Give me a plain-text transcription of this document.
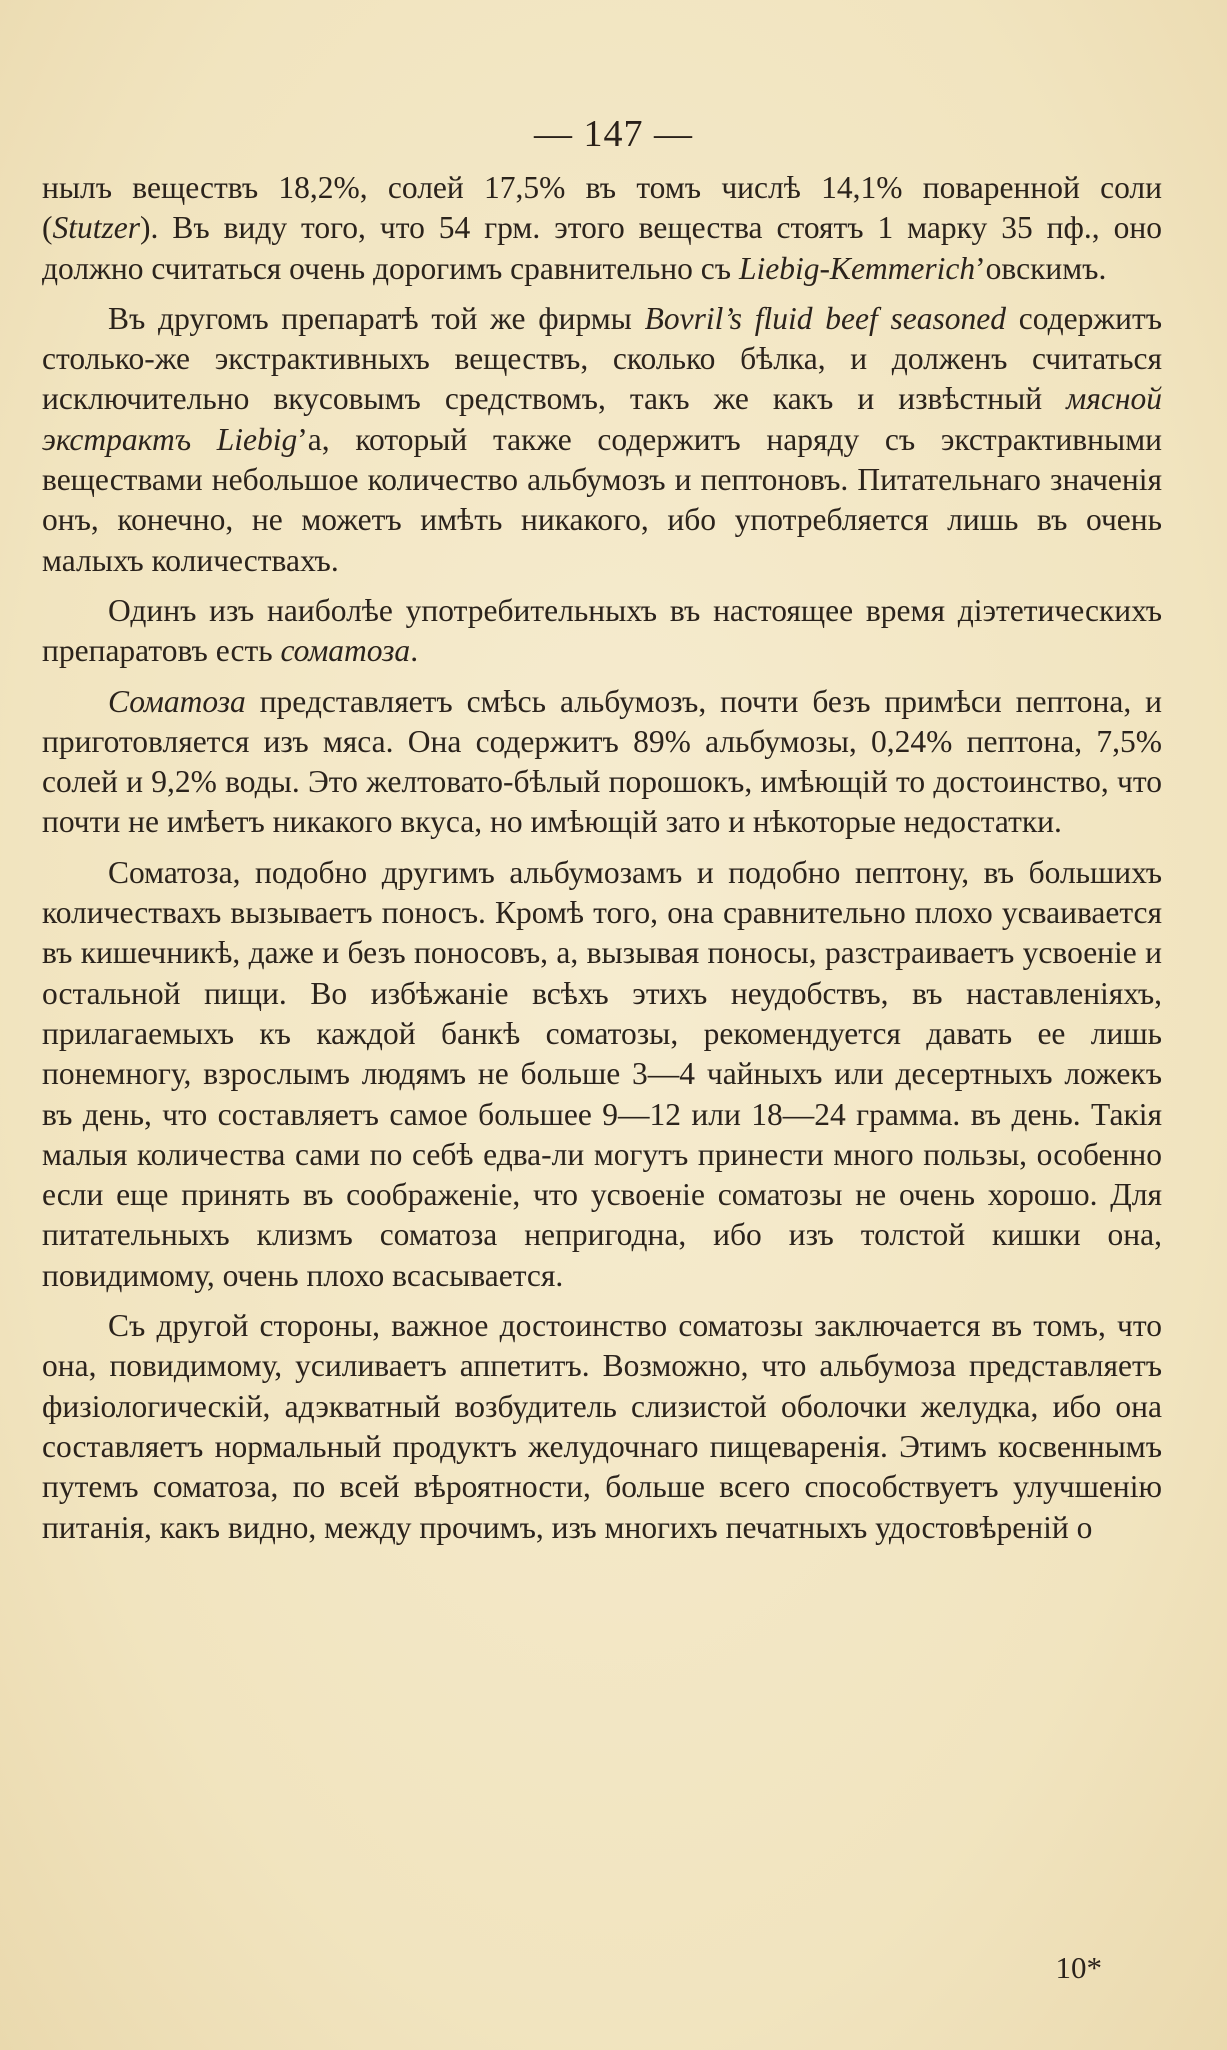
— 147 —

нылъ веществъ 18,2%, солей 17,5% въ томъ числѣ 14,1% поваренной соли (Stutzer). Въ виду того, что 54 грм. этого вещества стоятъ 1 марку 35 пф., оно должно считаться очень дорогимъ сравнительно съ Liebig-Kemmerich’овскимъ.

Въ другомъ препаратѣ той же фирмы Bovril’s fluid beef seasoned содержитъ столько-же экстрактивныхъ веществъ, сколько бѣлка, и долженъ считаться исключительно вкусовымъ средствомъ, такъ же какъ и извѣстный мясной экстрактъ Liebig’а, который также содержитъ наряду съ экстрактивными веществами небольшое количество альбумозъ и пептоновъ. Питательнаго значенія онъ, конечно, не можетъ имѣть никакого, ибо употребляется лишь въ очень малыхъ количествахъ.

Одинъ изъ наиболѣе употребительныхъ въ настоящее время діэтетическихъ препаратовъ есть соматоза.

Соматоза представляетъ смѣсь альбумозъ, почти безъ примѣси пептона, и приготовляется изъ мяса. Она содержитъ 89% альбумозы, 0,24% пептона, 7,5% солей и 9,2% воды. Это желтовато-бѣлый порошокъ, имѣющій то достоинство, что почти не имѣетъ никакого вкуса, но имѣющій зато и нѣкоторые недостатки.

Соматоза, подобно другимъ альбумозамъ и подобно пептону, въ большихъ количествахъ вызываетъ поносъ. Кромѣ того, она сравнительно плохо усваивается въ кишечникѣ, даже и безъ поносовъ, а, вызывая поносы, разстраиваетъ усвоеніе и остальной пищи. Во избѣжаніе всѣхъ этихъ неудобствъ, въ наставленіяхъ, прилагаемыхъ къ каждой банкѣ соматозы, рекомендуется давать ее лишь понемногу, взрослымъ людямъ не больше 3—4 чайныхъ или десертныхъ ложекъ въ день, что составляетъ самое большее 9—12 или 18—24 грамма. въ день. Такія малыя количества сами по себѣ едва-ли могутъ принести много пользы, особенно если еще принять въ соображеніе, что усвоеніе соматозы не очень хорошо. Для питательныхъ клизмъ соматоза непригодна, ибо изъ толстой кишки она, повидимому, очень плохо всасывается.

Съ другой стороны, важное достоинство соматозы заключается въ томъ, что она, повидимому, усиливаетъ аппетитъ. Возможно, что альбумоза представляетъ физіологическій, адэкватный возбудитель слизистой оболочки желудка, ибо она составляетъ нормальный продуктъ желудочнаго пищеваренія. Этимъ косвеннымъ путемъ соматоза, по всей вѣроятности, больше всего способствуетъ улучшенію питанія, какъ видно, между прочимъ, изъ многихъ печатныхъ удостовѣреній о

10*
